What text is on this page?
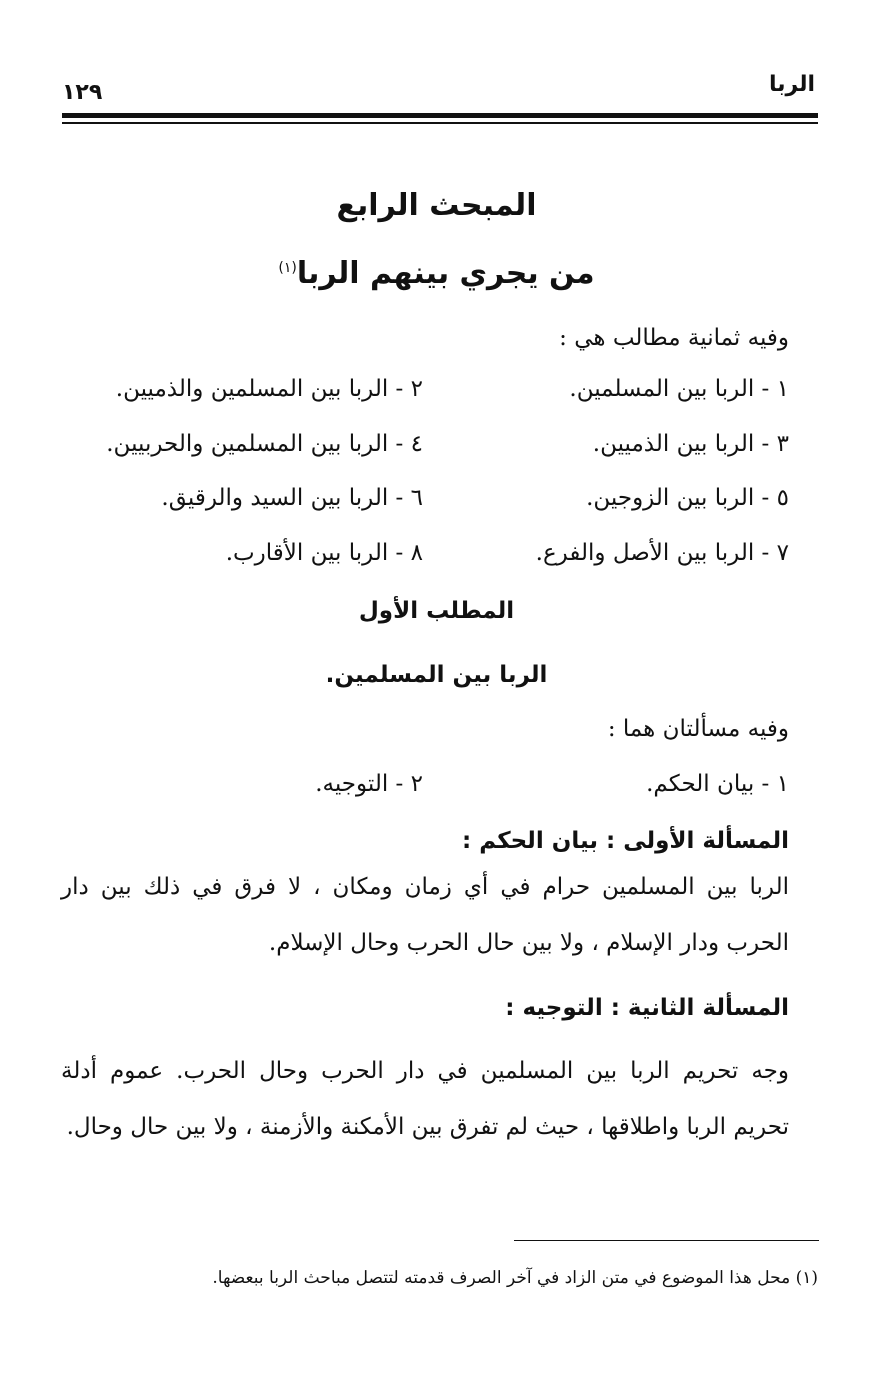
الربا
١٢٩
المبحث الرابع
من يجري بينهم الربا$^{(١)}$
وفيه ثمانية مطالب هي :
١ - الربا بين المسلمين.
٢ - الربا بين المسلمين والذميين.
٣ - الربا بين الذميين.
٤ - الربا بين المسلمين والحربيين.
٥ - الربا بين الزوجين.
٦ - الربا بين السيد والرقيق.
٧ - الربا بين الأصل والفرع.
٨ - الربا بين الأقارب.
المطلب الأول
الربا بين المسلمين.
وفيه مسألتان هما :
١ - بيان الحكم.
٢ - التوجيه.
المسألة الأولى : بيان الحكم :

الربا بين المسلمين حرام في أي زمان ومكان ، لا فرق في ذلك بين دار الحرب ودار الإسلام ، ولا بين حال الحرب وحال الإسلام.

المسألة الثانية : التوجيه :

وجه تحريم الربا بين المسلمين في دار الحرب وحال الحرب. عموم أدلة تحريم الربا واطلاقها ، حيث لم تفرق بين الأمكنة والأزمنة ، ولا بين حال وحال.

(١) محل هذا الموضوع في متن الزاد في آخر الصرف قدمته لتتصل مباحث الربا ببعضها.
